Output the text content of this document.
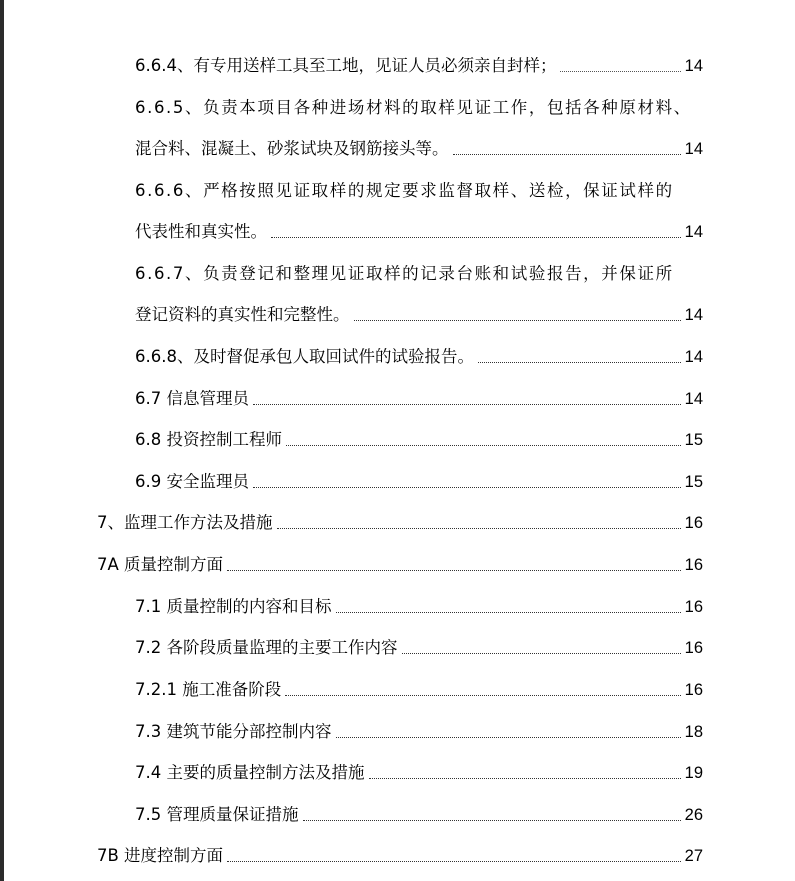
6.6.4、有专用送样工具至工地，见证人员必须亲自封样；	14
6.6.5、负责本项目各种进场材料的取样见证工作，包括各种原材料、
混合料、混凝土、砂浆试块及钢筋接头等。	14
6.6.6、严格按照见证取样的规定要求监督取样、送检，保证试样的
代表性和真实性。	14
6.6.7、负责登记和整理见证取样的记录台账和试验报告，并保证所
登记资料的真实性和完整性。	14
6.6.8、及时督促承包人取回试件的试验报告。	14
6.7 信息管理员	14
6.8 投资控制工程师	15
6.9 安全监理员	15
7、监理工作方法及措施	16
7A 质量控制方面	16
7.1 质量控制的内容和目标	16
7.2 各阶段质量监理的主要工作内容	16
7.2.1 施工准备阶段	16
7.3 建筑节能分部控制内容	18
7.4 主要的质量控制方法及措施	19
7.5 管理质量保证措施	26
7B 进度控制方面	27
